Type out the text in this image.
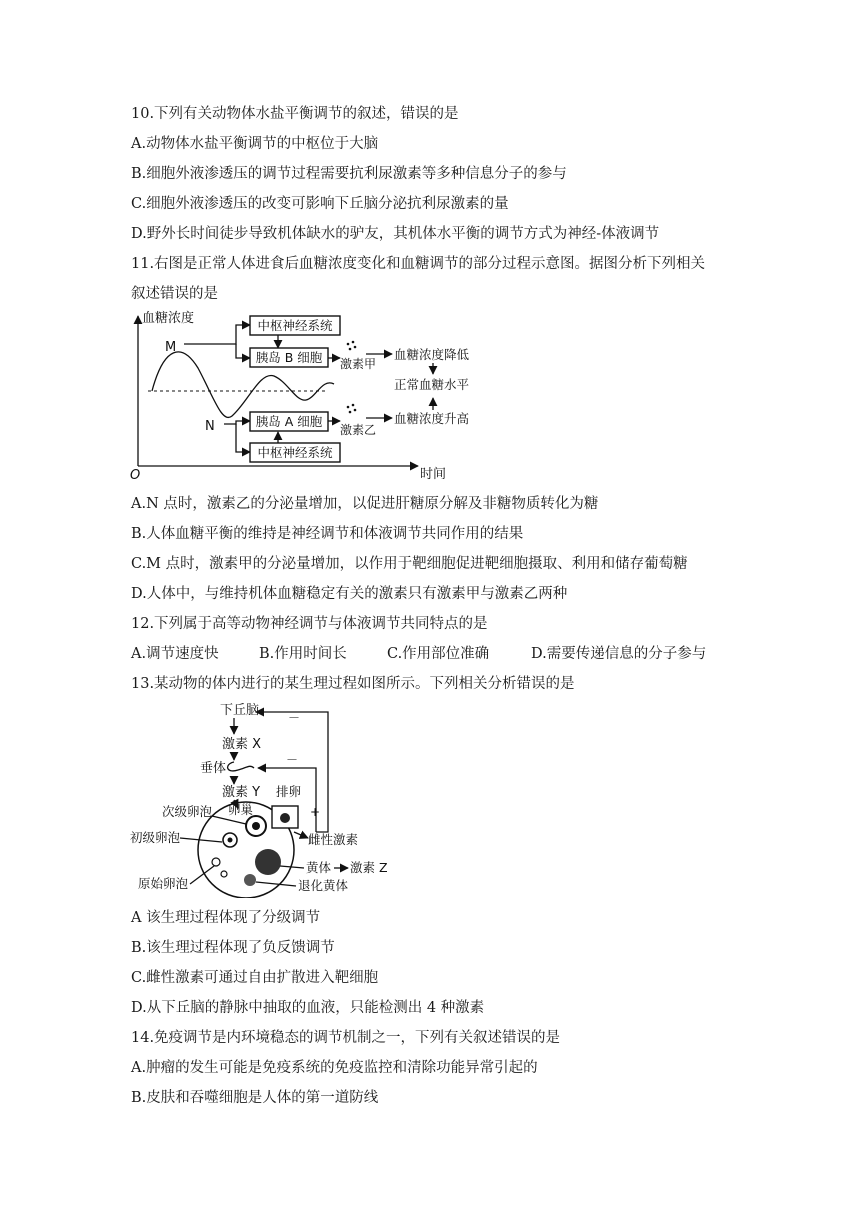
10.下列有关动物体水盐平衡调节的叙述，错误的是
A.动物体水盐平衡调节的中枢位于大脑
B.细胞外液渗透压的调节过程需要抗利尿激素等多种信息分子的参与
C.细胞外液渗透压的改变可影响下丘脑分泌抗利尿激素的量
D.野外长时间徒步导致机体缺水的驴友，其机体水平衡的调节方式为神经-体液调节
11.右图是正常人体进食后血糖浓度变化和血糖调节的部分过程示意图。据图分析下列相关
叙述错误的是
血糖浓度
时间
O
M
N
中枢神经系统
胰岛 B 细胞 激素甲
血糖浓度降低
正常血糖水平
胰岛 A 细胞
中枢神经系统
激素乙
血糖浓度升高
A.N 点时，激素乙的分泌量增加，以促进肝糖原分解及非糖物质转化为糖
B.人体血糖平衡的维持是神经调节和体液调节共同作用的结果
C.M 点时，激素甲的分泌量增加，以作用于靶细胞促进靶细胞摄取、利用和储存葡萄糖
D.人体中，与维持机体血糖稳定有关的激素只有激素甲与激素乙两种
12.下列属于高等动物神经调节与体液调节共同特点的是
A.调节速度快	B.作用时间长	C.作用部位准确	D.需要传递信息的分子参与
13.某动物的体内进行的某生理过程如图所示。下列相关分析错误的是
下丘脑
激素 X
垂体
激素 Y
－
－
卵巢
排卵
+
次级卵泡
雌性激素
初级卵泡
黄体 激素 Z
原始卵泡	退化黄体
A 该生理过程体现了分级调节
B.该生理过程体现了负反馈调节
C.雌性激素可通过自由扩散进入靶细胞
D.从下丘脑的静脉中抽取的血液，只能检测出 4 种激素
14.免疫调节是内环境稳态的调节机制之一，下列有关叙述错误的是
A.肿瘤的发生可能是免疫系统的免疫监控和清除功能异常引起的
B.皮肤和吞噬细胞是人体的第一道防线
